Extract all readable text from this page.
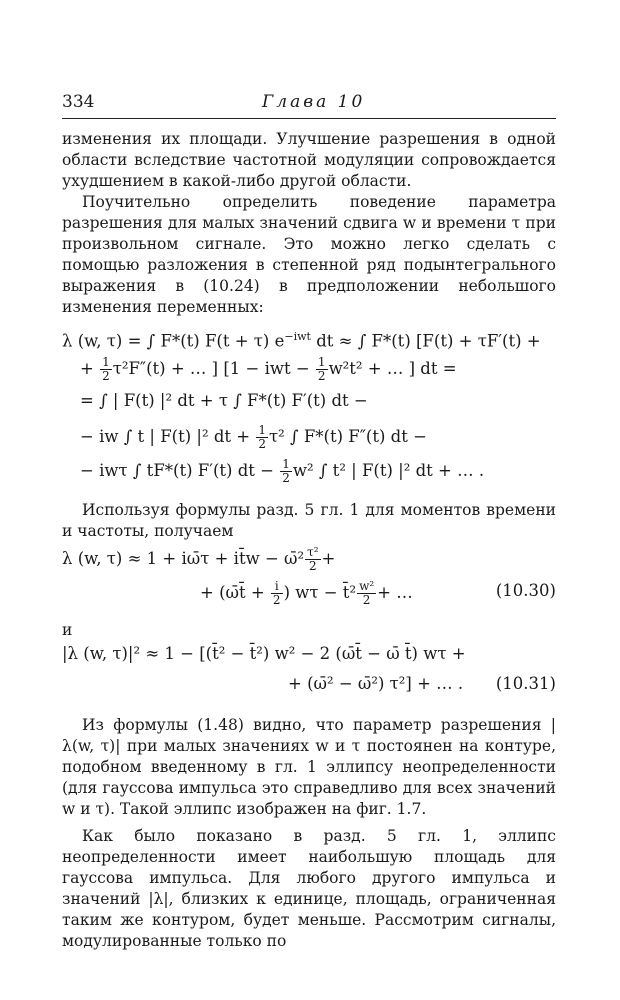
334	Глава 10

изменения их площади. Улучшение разрешения в одной области вследствие частотной модуляции сопровождается ухудшением в какой-либо другой области.

Поучительно определить поведение параметра разрешения для малых значений сдвига w и времени τ при произвольном сигнале. Это можно легко сделать с помощью разложения в степенной ряд подынтегрального выражения в (10.24) в предположении небольшого изменения переменных:

λ (w, τ) = ∫ F*(t) F(t + τ) $e^{-iwt}$ dt ≈ ∫ F*(t) [F(t) + τF′(t) +
+ $\frac{1}{2} \tau^2F''(t)$ + … ] [1 − iwt − $\frac{1}{2} w^2t^2$ + … ] dt =
= ∫ | F(t) |² dt + τ ∫ F*(t) F′(t) dt −
− iw ∫ t | F(t) |² dt + $\frac{1}{2} \tau^2$ ∫ F*(t) F″(t) dt −
− iwτ ∫ tF*(t) F′(t) dt − $\frac{1}{2} w^2$ ∫ t² | F(t) |² dt + … .

Используя формулы разд. 5 гл. 1 для моментов времени и частоты, получаем

λ (w, τ) ≈ 1 + iω̄τ + it̄w − ω̄² $\frac{\text{τ²}}{2}$ +
+ (ω̄t̄ + $\frac{i}{2}$ ) wτ − t̄² $\frac{\text{w²}}{2}$ + …	(10.30)

и

|λ (w, τ)|² ≈ 1 − [(t̄² − t̄²) w² − 2 (ω̄t̄ − ω̄ t̄) wτ +
+ (ω̄² − ω̄²) τ²] + … . (10.31)

Из формулы (1.48) видно, что параметр разрешения |λ(w, τ)| при малых значениях w и τ постоянен на контуре, подобном введенному в гл. 1 эллипсу неопределенности (для гауссова импульса это справедливо для всех значений w и τ). Такой эллипс изображен на фиг. 1.7.

Как было показано в разд. 5 гл. 1, эллипс неопределенности имеет наибольшую площадь для гауссова импульса. Для любого другого импульса и значений |λ|, близких к единице, площадь, ограниченная таким же контуром, будет меньше. Рассмотрим сигналы, модулированные только по
